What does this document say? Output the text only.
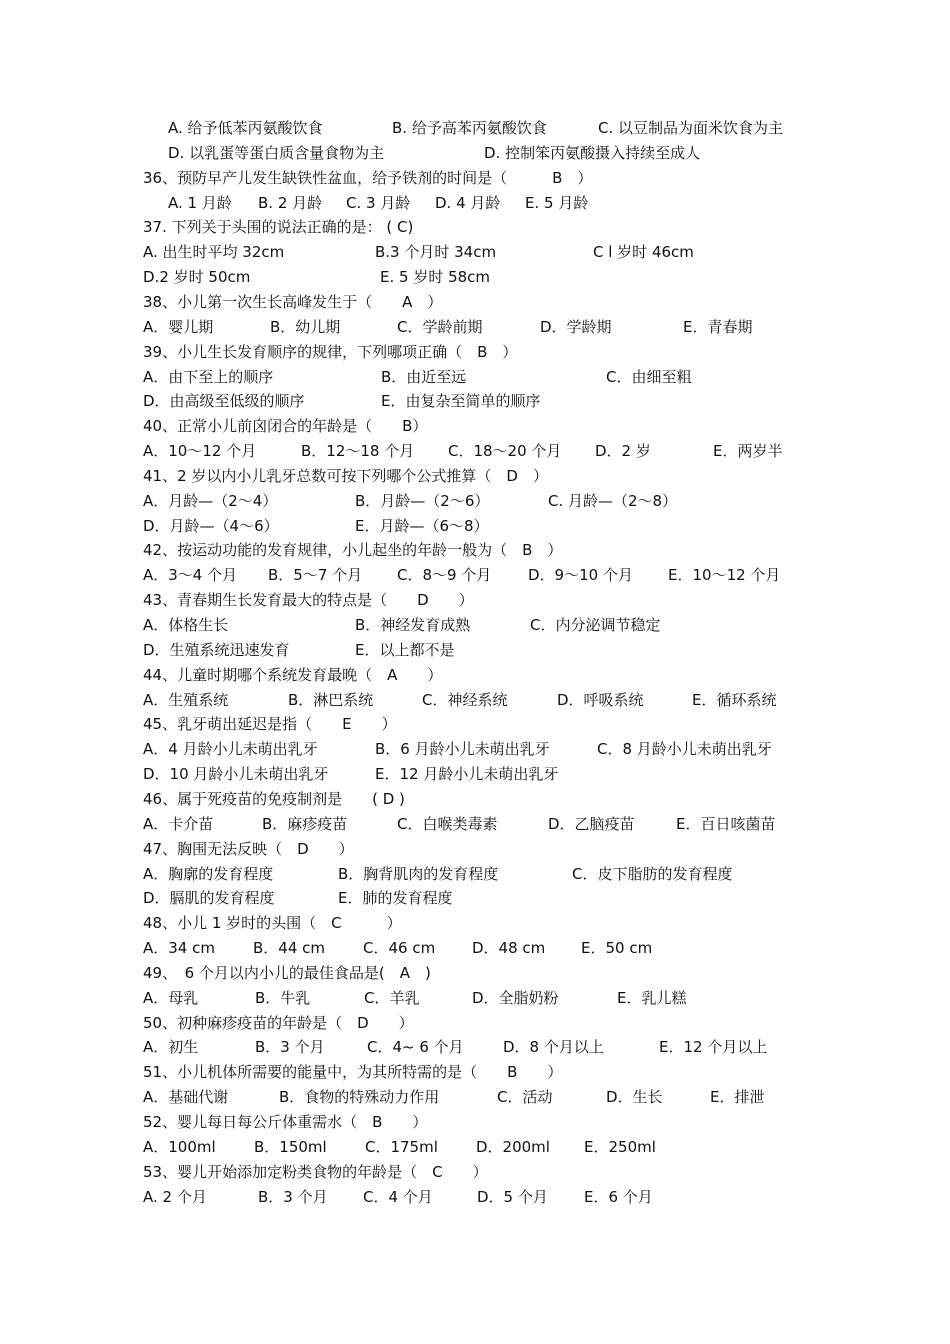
A. 给予低苯丙氨酸饮食	B. 给予高苯丙氨酸饮食	C. 以豆制品为面米饮食为主
D. 以乳蛋等蛋白质含量食物为主	D. 控制笨丙氨酸摄入持续至成人
36、预防早产儿发生缺铁性盆血，给予铁剂的时间是（　　　B　）
A. 1 月龄 B. 2 月龄 C. 3 月龄 D. 4 月龄 E. 5 月龄
37. 下列关于头围的说法正确的是： ( C)
A. 出生时平均 32cm	B.3 个月时 34cm	C l 岁时 46cm
D.2 岁时 50cm	E. 5 岁时 58cm
38、小儿第一次生长高峰发生于（　　A　）
A．婴儿期	B．幼儿期	C．学龄前期	D．学龄期	E．青春期
39、小儿生长发育顺序的规律，下列哪项正确（　B　）
A．由下至上的顺序	B．由近至远	C．由细至粗
D．由高级至低级的顺序	E．由复杂至简单的顺序
40、正常小儿前囟闭合的年龄是（　　B）
A．10～12 个月	B．12～18 个月 C．18～20 个月 D．2 岁	E．两岁半
41、2 岁以内小儿乳牙总数可按下列哪个公式推算（　D　）
A．月龄—（2～4）	B．月龄—（2～6）	C. 月龄—（2～8）
D．月龄—（4～6）	E．月龄—（6～8）
42、按运动功能的发育规律，小儿起坐的年龄一般为（　B　）
A．3～4 个月 B．5～7 个月 C．8～9 个月 D．9～10 个月 E．10～12 个月
43、青春期生长发育最大的特点是（　　D　　）
A．体格生长	B．神经发育成熟	C．内分泌调节稳定
D．生殖系统迅速发育	E．以上都不是
44、儿童时期哪个系统发育最晚（　A　　）
A．生殖系统	B．淋巴系统	C．神经系统	D．呼吸系统	E．循环系统
45、乳牙萌出延迟是指（　　E　　）
A．4 月龄小儿未萌出乳牙	B．6 月龄小儿未萌出乳牙	C．8 月龄小儿未萌出乳牙
D．10 月龄小儿未萌出乳牙	E．12 月龄小儿未萌出乳牙
46、属于死疫苗的免疫制剂是　　( D )
A．卡介苗	B．麻疹疫苗	C．白喉类毒素	D．乙脑疫苗	E．百日咳菌苗
47、胸围无法反映（　D　　）
A．胸廓的发育程度	B．胸背肌肉的发育程度	C．皮下脂肪的发育程度
D．膈肌的发育程度	E．肺的发育程度
48、小儿 1 岁时的头围（　C　　　）
A．34 cm	B．44 cm	C．46 cm D．48 cm E．50 cm
49、　6 个月以内小儿的最佳食品是(　A　)
A．母乳	B．牛乳	C．羊乳	D．全脂奶粉	E．乳儿糕
50、初种麻疹疫苗的年龄是（　D　　）
A．初生	B．3 个月	C．4~ 6 个月	D．8 个月以上	E．12 个月以上
51、小儿机体所需要的能量中，为其所特需的是（　　B　　）
A．基础代谢	B．食物的特殊动力作用	C．活动	D．生长	E．排泄
52、婴儿每日每公斤体重需水（　B　　）
A．100ml	B．150ml	C．175ml	D．200ml E．250ml
53、婴儿开始添加定粉类食物的年龄是（　C　　）
A. 2 个月	B．3 个月 C．4 个月	D．5 个月 E．6 个月
